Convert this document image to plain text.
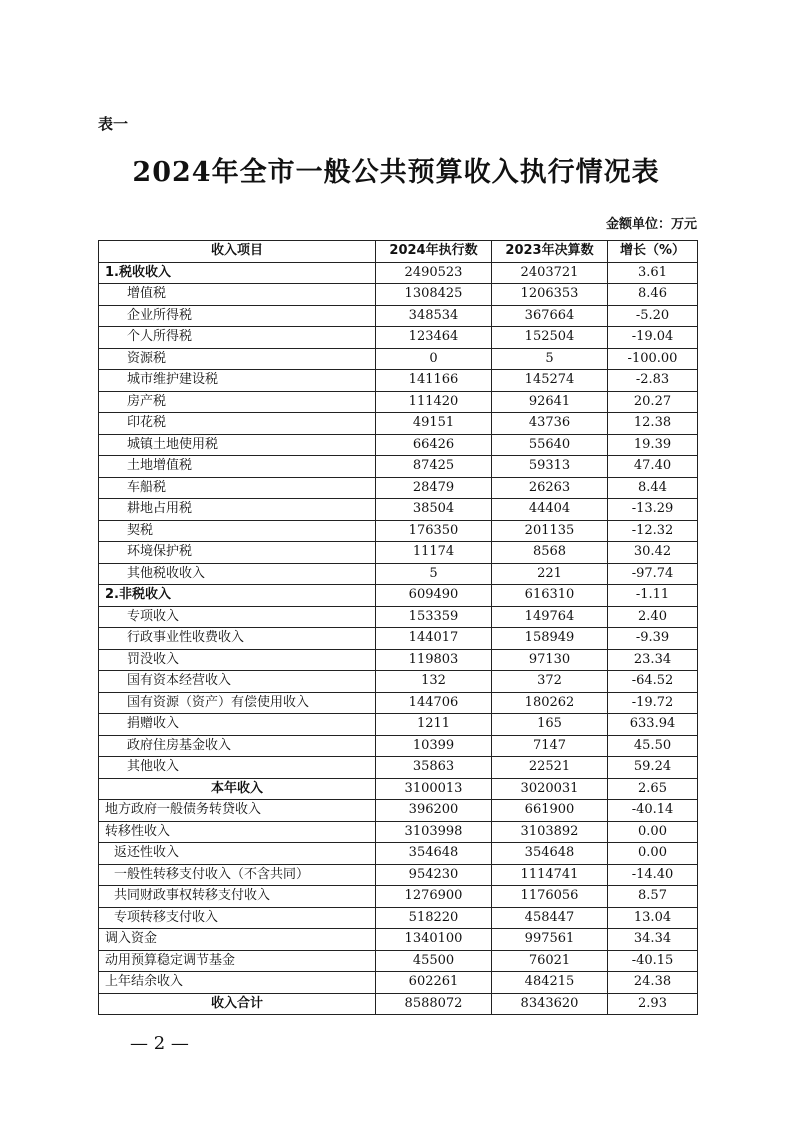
表一
2024年全市一般公共预算收入执行情况表
金额单位：万元
收入项目	2024年执行数	2023年决算数	增长（%）
1.税收收入	2490523	2403721	3.61
增值税	1308425	1206353	8.46
企业所得税	348534	367664	-5.20
个人所得税	123464	152504	-19.04
资源税	0	5	-100.00
城市维护建设税	141166	145274	-2.83
房产税	111420	92641	20.27
印花税	49151	43736	12.38
城镇土地使用税	66426	55640	19.39
土地增值税	87425	59313	47.40
车船税	28479	26263	8.44
耕地占用税	38504	44404	-13.29
契税	176350	201135	-12.32
环境保护税	11174	8568	30.42
其他税收收入	5	221	-97.74
2.非税收入	609490	616310	-1.11
专项收入	153359	149764	2.40
行政事业性收费收入	144017	158949	-9.39
罚没收入	119803	97130	23.34
国有资本经营收入	132	372	-64.52
国有资源（资产）有偿使用收入	144706	180262	-19.72
捐赠收入	1211	165	633.94
政府住房基金收入	10399	7147	45.50
其他收入	35863	22521	59.24
本年收入	3100013	3020031	2.65
地方政府一般债务转贷收入	396200	661900	-40.14
转移性收入	3103998	3103892	0.00
返还性收入	354648	354648	0.00
一般性转移支付收入（不含共同）	954230	1114741	-14.40
共同财政事权转移支付收入	1276900	1176056	8.57
专项转移支付收入	518220	458447	13.04
调入资金	1340100	997561	34.34
动用预算稳定调节基金	45500	76021	-40.15
上年结余收入	602261	484215	24.38
收入合计	8588072	8343620	2.93
— 2 —
